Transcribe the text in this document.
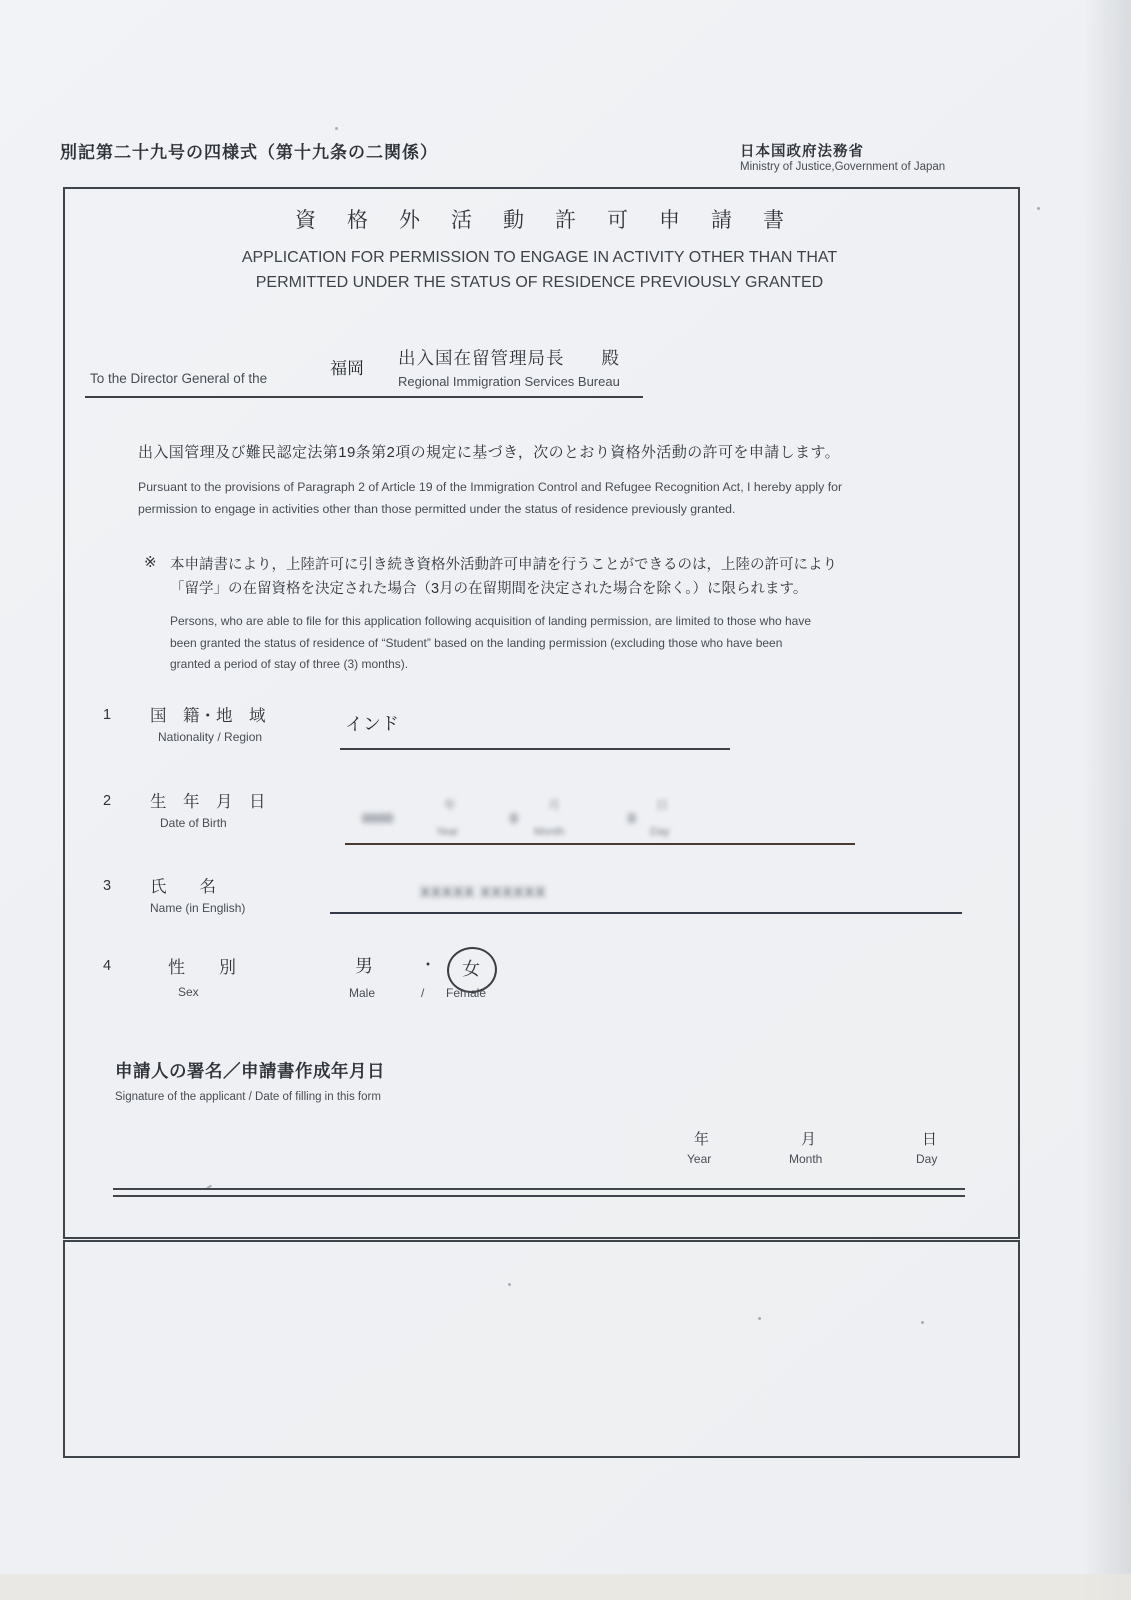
別記第二十九号の四様式（第十九条の二関係）	日本国政府法務省
Ministry of Justice,Government of Japan
資格外活動許可申請書
APPLICATION FOR PERMISSION TO ENGAGE IN ACTIVITY OTHER THAN THAT
PERMITTED UNDER THE STATUS OF RESIDENCE PREVIOUSLY GRANTED
To the Director General of the
福岡
出入国在留管理局長　　殿
Regional Immigration Services Bureau
出入国管理及び難民認定法第19条第2項の規定に基づき，次のとおり資格外活動の許可を申請します。
Pursuant to the provisions of Paragraph 2 of Article 19 of the Immigration Control and Refugee Recognition Act, I hereby apply for permission to engage in activities other than those permitted under the status of residence previously granted.
※ 本申請書により，上陸許可に引き続き資格外活動許可申請を行うことができるのは，上陸の許可により
「留学」の在留資格を決定された場合（3月の在留期間を決定された場合を除く。）に限られます。
Persons, who are able to file for this application following acquisition of landing permission, are limited to those who have been granted the status of residence of “Student” based on the landing permission (excluding those who have been granted a period of stay of three (3) months).
1 国　籍・地　域
Nationality / Region
インド
2 生　年　月　日
Date of Birth	0000
年
Year
0
月
Month
0
日
Day
3 氏　　名
Name (in English)
XXXXX XXXXXX
4	性　　別
Sex
男	・ 女
Male	/ Female
申請人の署名／申請書作成年月日
Signature of the applicant / Date of filling in this form
年
Year
月
Month
日
Day
